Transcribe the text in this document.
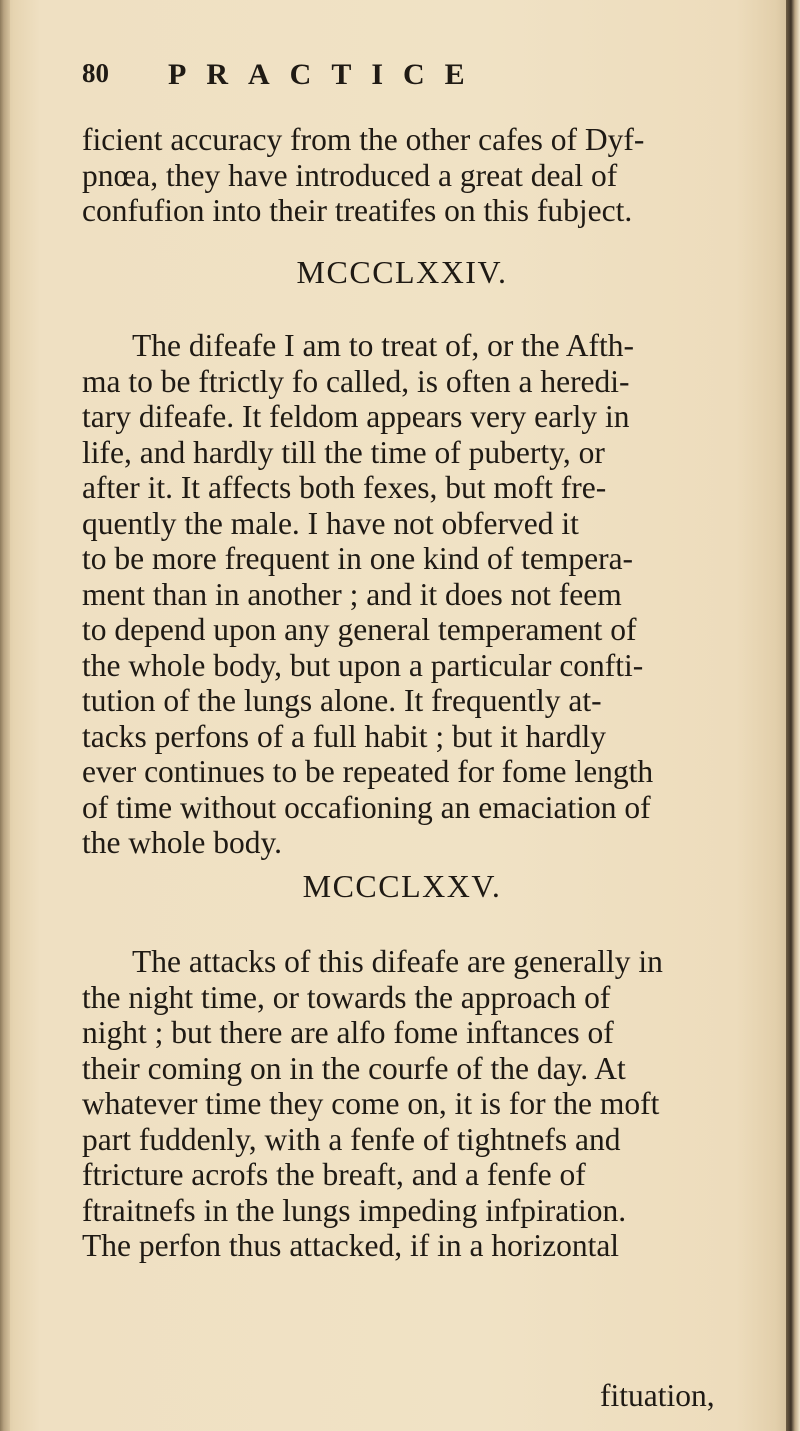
80 PRACTICE
ficient accuracy from the other cafes of Dyf-
pnœa, they have introduced a great deal of
confufion into their treatifes on this fubject.
MCCCLXXIV.
The difeafe I am to treat of, or the Afth-
ma to be ftrictly fo called, is often a heredi-
tary difeafe. It feldom appears very early in
life, and hardly till the time of puberty, or
after it. It affects both fexes, but moft fre-
quently the male. I have not obferved it
to be more frequent in one kind of tempera-
ment than in another ; and it does not feem
to depend upon any general temperament of
the whole body, but upon a particular confti-
tution of the lungs alone. It frequently at-
tacks perfons of a full habit ; but it hardly
ever continues to be repeated for fome length
of time without occafioning an emaciation of
the whole body.
MCCCLXXV.
The attacks of this difeafe are generally in
the night time, or towards the approach of
night ; but there are alfo fome inftances of
their coming on in the courfe of the day. At
whatever time they come on, it is for the moft
part fuddenly, with a fenfe of tightnefs and
ftricture acrofs the breaft, and a fenfe of
ftraitnefs in the lungs impeding infpiration.
The perfon thus attacked, if in a horizontal
fituation,
